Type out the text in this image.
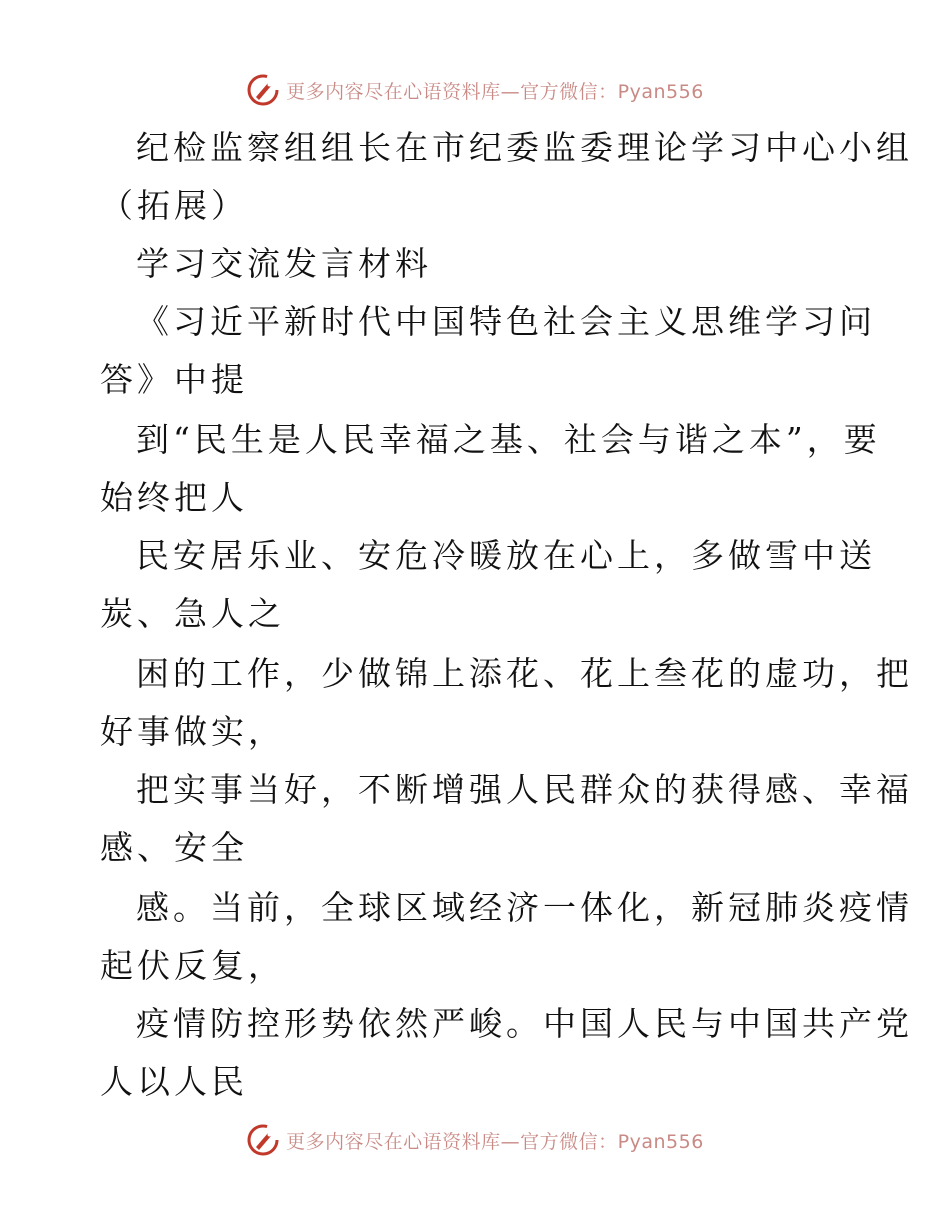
更多内容尽在心语资料库—官方微信：Pyan556
纪检监察组组长在市纪委监委理论学习中心小组
（拓展）
学习交流发言材料
《习近平新时代中国特色社会主义思维学习问
答》中提
到“民生是人民幸福之基、社会与谐之本”，要
始终把人
民安居乐业、安危冷暖放在心上，多做雪中送
炭、急人之
困的工作，少做锦上添花、花上叁花的虚功，把
好事做实，
把实事当好，不断增强人民群众的获得感、幸福
感、安全
感。当前，全球区域经济一体化，新冠肺炎疫情
起伏反复，
疫情防控形势依然严峻。中国人民与中国共产党
人以人民
更多内容尽在心语资料库—官方微信：Pyan556
